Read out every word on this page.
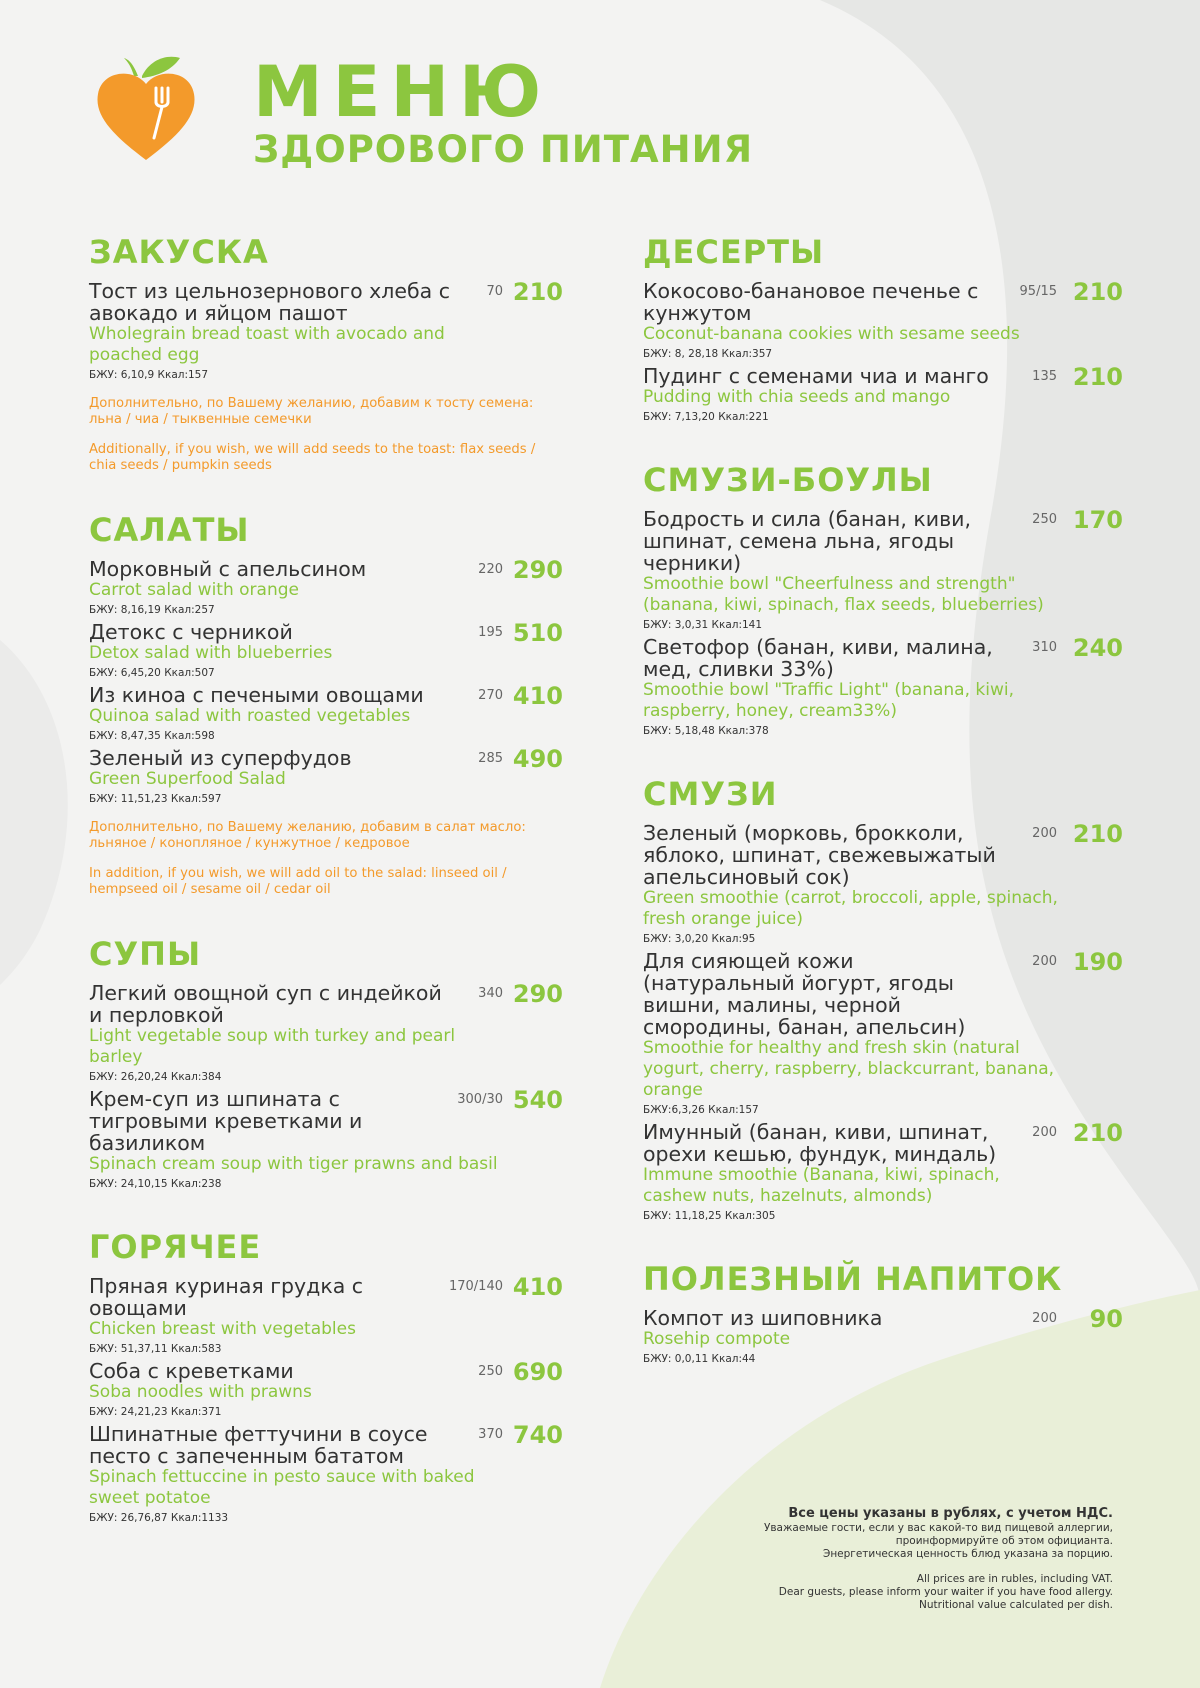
МЕНЮ
ЗДОРОВОГО ПИТАНИЯ
ЗАКУСКА
Тост из цельнозернового хлеба с авокадо и яйцом пашот
Wholegrain bread toast with avocado and poached egg
БЖУ: 6,10,9 Ккал:157
70 210
Дополнительно, по Вашему желанию, добавим к тосту семена: льна / чиа / тыквенные семечки
Additionally, if you wish, we will add seeds to the toast: flax seeds / chia seeds / pumpkin seeds
САЛАТЫ
Морковный с апельсином
Carrot salad with orange
БЖУ: 8,16,19 Ккал:257
220 290
Детокс с черникой
Detox salad with blueberries
БЖУ: 6,45,20 Ккал:507
195 510
Из киноа с печеными овощами
Quinoa salad with roasted vegetables
БЖУ: 8,47,35 Ккал:598
270 410
Зеленый из суперфудов
Green Superfood Salad
БЖУ: 11,51,23 Ккал:597
285 490
Дополнительно, по Вашему желанию, добавим в салат масло: льняное / конопляное / кунжутное / кедровое
In addition, if you wish, we will add oil to the salad: linseed oil / hempseed oil / sesame oil / cedar oil
СУПЫ
Легкий овощной суп с индейкой и перловкой
Light vegetable soup with turkey and pearl barley
БЖУ: 26,20,24 Ккал:384
340 290
Крем-суп из шпината с тигровыми креветками и базиликом
Spinach cream soup with tiger prawns and basil
БЖУ: 24,10,15 Ккал:238
300/30 540
ГОРЯЧЕЕ
Пряная куриная грудка с овощами
Chicken breast with vegetables
БЖУ: 51,37,11 Ккал:583
170/140 410
Соба с креветками
Soba noodles with prawns
БЖУ: 24,21,23 Ккал:371
250 690
Шпинатные феттучини в соусе песто с запеченным бататом
Spinach fettuccine in pesto sauce with baked sweet potatoe
БЖУ: 26,76,87 Ккал:1133
370 740
ДЕСЕРТЫ
Кокосово-банановое печенье с кунжутом
Coconut-banana cookies with sesame seeds
БЖУ: 8, 28,18 Ккал:357
95/15 210
Пудинг с семенами чиа и манго
Pudding with chia seeds and mango
БЖУ: 7,13,20 Ккал:221
135 210
СМУЗИ-БОУЛЫ
Бодрость и сила (банан, киви, шпинат, семена льна, ягоды черники)
Smoothie bowl "Cheerfulness and strength" (banana, kiwi, spinach, flax seeds, blueberries)
БЖУ: 3,0,31 Ккал:141
250 170
Светофор (банан, киви, малина, мед, сливки 33%)
Smoothie bowl "Traffic Light" (banana, kiwi, raspberry, honey, cream33%)
БЖУ: 5,18,48 Ккал:378
310 240
СМУЗИ
Зеленый (морковь, брокколи, яблоко, шпинат, свежевыжатый апельсиновый сок)
Green smoothie (carrot, broccoli, apple, spinach, fresh orange juice)
БЖУ: 3,0,20 Ккал:95
200 210
Для сияющей кожи (натуральный йогурт, ягоды вишни, малины, черной смородины, банан, апельсин)
Smoothie for healthy and fresh skin (natural yogurt, cherry, raspberry, blackcurrant, banana, orange
БЖУ:6,3,26 Ккал:157
200 190
Имунный (банан, киви, шпинат, орехи кешью, фундук, миндаль)
Immune smoothie (Banana, kiwi, spinach, cashew nuts, hazelnuts, almonds)
БЖУ: 11,18,25 Ккал:305
200 210
ПОЛЕЗНЫЙ НАПИТОК
Компот из шиповника
Rosehip compote
БЖУ: 0,0,11 Ккал:44
200	90
Все цены указаны в рублях, с учетом НДС.
Уважаемые гости, если у вас какой-то вид пищевой аллергии,
проинформируйте об этом официанта.
Энергетическая ценность блюд указана за порцию.
All prices are in rubles, including VAT.
Dear guests, please inform your waiter if you have food allergy.
Nutritional value calculated per dish.
